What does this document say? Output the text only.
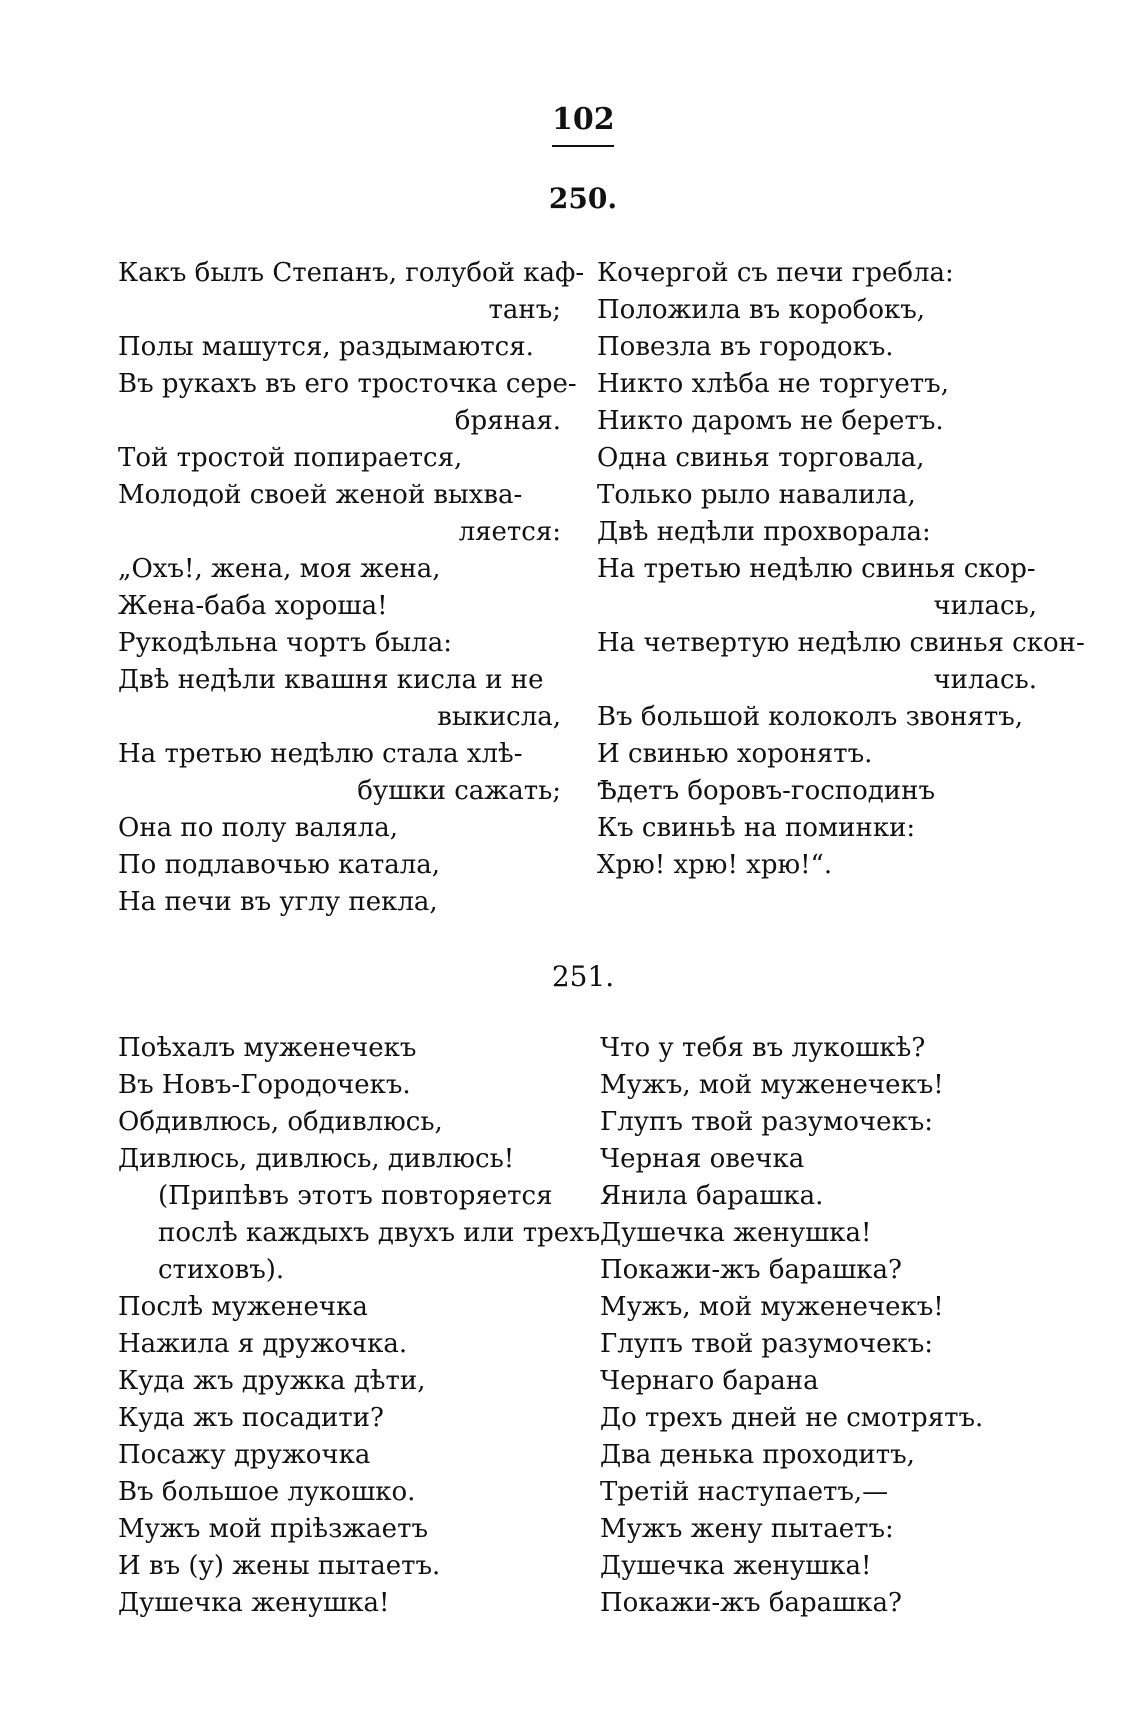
102
250.
Какъ былъ Степанъ, голубой каф-
танъ;
Полы машутся, раздымаются.
Въ рукахъ въ его тросточка сере-
бряная.
Той тростой попирается,
Молодой своей женой выхва-
ляется:
„Охъ!, жена, моя жена,
Жена-баба хороша!
Рукодѣльна чортъ была:
Двѣ недѣли квашня кисла и не
выкисла,
На третью недѣлю стала хлѣ-
бушки сажать;
Она по полу валяла,
По подлавочью катала,
На печи въ углу пекла,
Кочергой съ печи гребла:
Положила въ коробокъ,
Повезла въ городокъ.
Никто хлѣба не торгуетъ,
Никто даромъ не беретъ.
Одна свинья торговала,
Только рыло навалила,
Двѣ недѣли прохворала:
На третью недѣлю свинья скор-
чилась,
На четвертую недѣлю свинья скон-
чилась.
Въ большой колоколъ звонятъ,
И свинью хоронятъ.
Ѣдетъ боровъ-господинъ
Къ свиньѣ на поминки:
Хрю! хрю! хрю!“.
251.
Поѣхалъ муженечекъ
Въ Новъ-Городочекъ.
Обдивлюсь, обдивлюсь,
Дивлюсь, дивлюсь, дивлюсь!
(Припѣвъ этотъ повторяется
послѣ каждыхъ двухъ или трехъ
стиховъ).
Послѣ муженечка
Нажила я дружочка.
Куда жъ дружка дѣти,
Куда жъ посадити?
Посажу дружочка
Въ большое лукошко.
Мужъ мой прiѣзжаетъ
И въ (у) жены пытаетъ.
Душечка женушка!
Что у тебя въ лукошкѣ?
Мужъ, мой муженечекъ!
Глупъ твой разумочекъ:
Черная овечка
Янила барашка.
Душечка женушка!
Покажи-жъ барашка?
Мужъ, мой муженечекъ!
Глупъ твой разумочекъ:
Чернаго барана
До трехъ дней не смотрятъ.
Два денька проходитъ,
Третiй наступаетъ,—
Мужъ жену пытаетъ:
Душечка женушка!
Покажи-жъ барашка?
